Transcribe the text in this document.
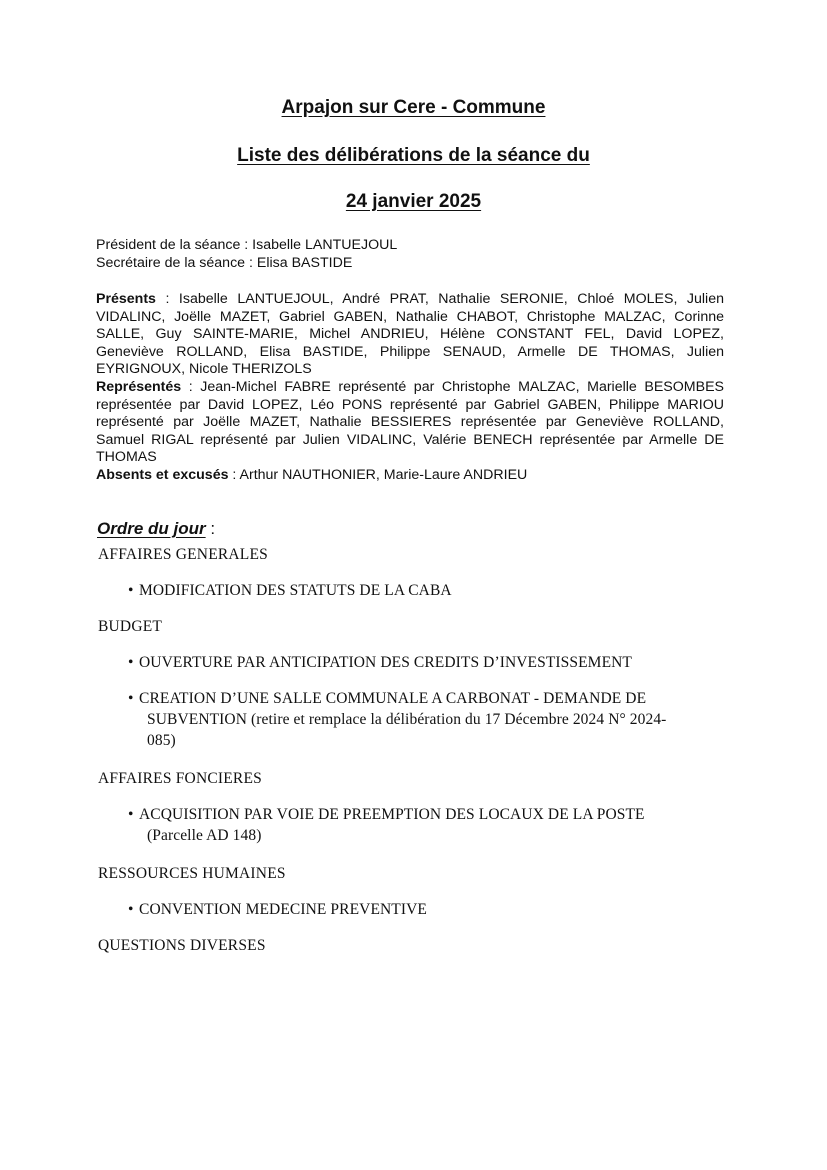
Arpajon sur Cere - Commune
Liste des délibérations de la séance du
24 janvier 2025
Président de la séance : Isabelle LANTUEJOUL
Secrétaire de la séance : Elisa BASTIDE

Présents : Isabelle LANTUEJOUL, André PRAT, Nathalie SERONIE, Chloé MOLES, Julien VIDALINC, Joëlle MAZET, Gabriel GABEN, Nathalie CHABOT, Christophe MALZAC, Corinne SALLE, Guy SAINTE-MARIE, Michel ANDRIEU, Hélène CONSTANT FEL, David LOPEZ, Geneviève ROLLAND, Elisa BASTIDE, Philippe SENAUD, Armelle DE THOMAS, Julien EYRIGNOUX, Nicole THERIZOLS

Représentés : Jean-Michel FABRE représenté par Christophe MALZAC, Marielle BESOMBES représentée par David LOPEZ, Léo PONS représenté par Gabriel GABEN, Philippe MARIOU représenté par Joëlle MAZET, Nathalie BESSIERES représentée par Geneviève ROLLAND, Samuel RIGAL représenté par Julien VIDALINC, Valérie BENECH représentée par Armelle DE THOMAS

Absents et excusés : Arthur NAUTHONIER, Marie-Laure ANDRIEU

Ordre du jour :

AFFAIRES GENERALES

• MODIFICATION DES STATUTS DE LA CABA

BUDGET

• OUVERTURE PAR ANTICIPATION DES CREDITS D’INVESTISSEMENT

• CREATION D’UNE SALLE COMMUNALE A CARBONAT - DEMANDE DE
SUBVENTION (retire et remplace la délibération du 17 Décembre 2024 N° 2024-
085)

AFFAIRES FONCIERES

• ACQUISITION PAR VOIE DE PREEMPTION DES LOCAUX DE LA POSTE
(Parcelle AD 148)

RESSOURCES HUMAINES

• CONVENTION MEDECINE PREVENTIVE

QUESTIONS DIVERSES
